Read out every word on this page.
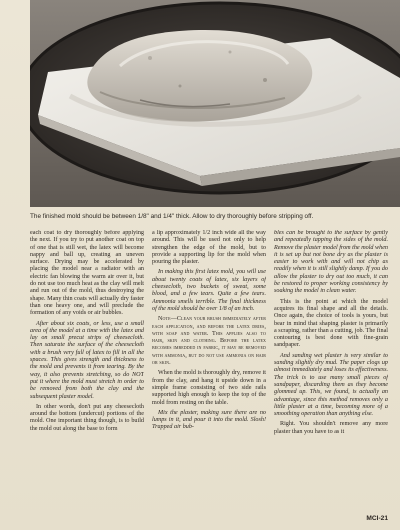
The finished mold should be between 1/8" and 1/4" thick. Allow to dry thoroughly before stripping off.

each coat to dry thoroughly before applying the next. If you try to put another coat on top of one that is still wet, the latex will become nappy and ball up, creating an uneven surface. Drying may be accelerated by placing the model near a radiator with an electric fan blowing the warm air over it, but do not use too much heat as the clay will melt and run out of the mold, thus destroying the shape. Many thin coats will actually dry faster than one heavy one, and will preclude the formation of any voids or air bubbles.

After about six coats, or less, use a small area of the model at a time with the latex and lay on small precut strips of cheesecloth. Then saturate the surface of the cheesecloth with a brush very full of latex to fill in all the spaces. This gives strength and thickness to the mold and prevents it from tearing. By the way, it also prevents stretching, so do NOT put it where the mold must stretch in order to be removed from both the clay and the subsequent plaster model.

In other words, don't put any cheesecloth around the bottom (undercut) portions of the mold. One important thing though, is to build the mold out along the base to form

a lip approximately 1/2 inch wide all the way around. This will be used not only to help strengthen the edge of the mold, but to provide a supporting lip for the mold when pouring the plaster.

In making this first latex mold, you will use about twenty coats of latex, six layers of cheesecloth, two buckets of sweat, some blood, and a few tears. Quite a few tears. Ammonia smells terrible. The final thickness of the mold should be over 1/8 of an inch.

Note—Clean your brush immediately after each application, and before the latex dries, with soap and water. This applies also to hair, skin and clothing. Before the latex becomes imbedded in fabric, it may be removed with ammonia, but do not use ammonia on hair or skin.

When the mold is thoroughly dry, remove it from the clay, and hang it upside down in a simple frame consisting of two side rails supported high enough to keep the top of the mold from resting on the table.

Mix the plaster, making sure there are no lumps in it, and pour it into the mold. Slosh! Trapped air bub-

bles can be brought to the surface by gently and repeatedly tapping the sides of the mold. Remove the plaster model from the mold when it is set up but not bone dry as the plaster is easier to work with and will not chip as readily when it is still slightly damp. If you do allow the plaster to dry out too much, it can be restored to proper working consistency by soaking the model in clean water.

This is the point at which the model acquires its final shape and all the details. Once again, the choice of tools is yours, but bear in mind that shaping plaster is primarily a scraping, rather than a cutting, job. The final contouring is best done with fine-grain sandpaper.

And sanding wet plaster is very similar to sanding slightly dry mud. The paper clogs up almost immediately and loses its effectiveness. The trick is to use many small pieces of sandpaper, discarding them as they become glommed up. This, we found, is actually an advantage, since this method removes only a little plaster at a time, becoming more of a smoothing operation than anything else.

Right. You shouldn't remove any more plaster than you have to as it

MCI-21
